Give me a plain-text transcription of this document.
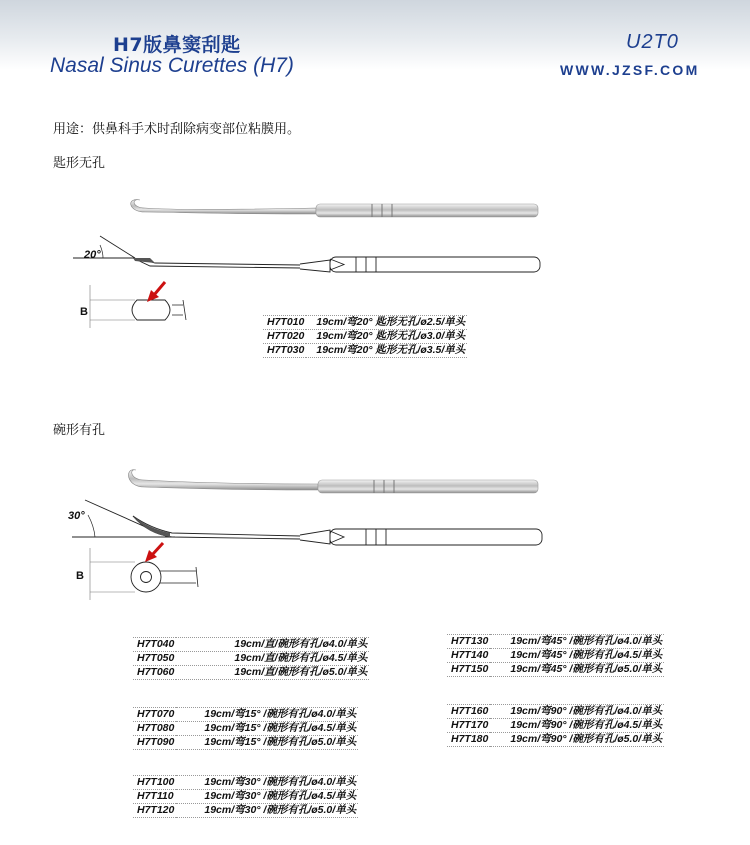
H7版鼻窦刮匙
Nasal Sinus Curettes (H7)
U2T0
WWW.JZSF.COM
用途：供鼻科手术时刮除病变部位粘膜用。
匙形无孔
碗形有孔
20°
30°
B
B
H7T010	19cm/弯20° 匙形无孔/ø2.5/单头
H7T020	19cm/弯20° 匙形无孔/ø3.0/单头
H7T030	19cm/弯20° 匙形无孔/ø3.5/单头
H7T040	19cm/直/碗形有孔/ø4.0/单头
H7T050	19cm/直/碗形有孔/ø4.5/单头
H7T060	19cm/直/碗形有孔/ø5.0/单头
H7T070	19cm/弯15° /碗形有孔/ø4.0/单头
H7T080	19cm/弯15° /碗形有孔/ø4.5/单头
H7T090	19cm/弯15° /碗形有孔/ø5.0/单头
H7T100	19cm/弯30° /碗形有孔/ø4.0/单头
H7T110	19cm/弯30° /碗形有孔/ø4.5/单头
H7T120	19cm/弯30° /碗形有孔/ø5.0/单头
H7T130	19cm/弯45° /碗形有孔/ø4.0/单头
H7T140	19cm/弯45° /碗形有孔/ø4.5/单头
H7T150	19cm/弯45° /碗形有孔/ø5.0/单头
H7T160	19cm/弯90° /碗形有孔/ø4.0/单头
H7T170	19cm/弯90° /碗形有孔/ø4.5/单头
H7T180	19cm/弯90° /碗形有孔/ø5.0/单头
